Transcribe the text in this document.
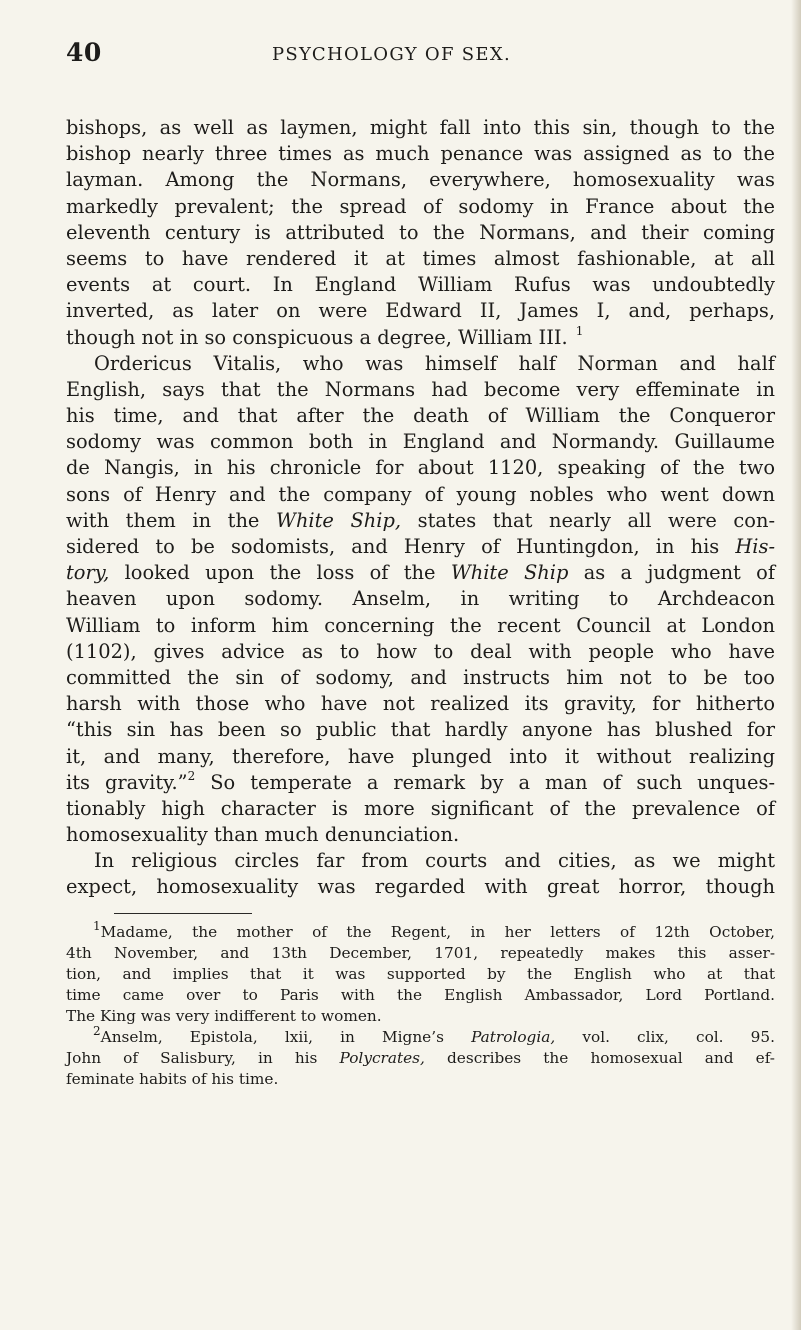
40	PSYCHOLOGY OF SEX.
bishops, as well as laymen, might fall into this sin, though to the
bishop nearly three times as much penance was assigned as to the
layman. Among the Normans, everywhere, homosexuality was
markedly prevalent; the spread of sodomy in France about the
eleventh century is attributed to the Normans, and their coming
seems to have rendered it at times almost fashionable, at all
events at court. In England William Rufus was undoubtedly
inverted, as later on were Edward II, James I, and, perhaps,
though not in so conspicuous a degree, William III. $^1$
Ordericus Vitalis, who was himself half Norman and half
English, says that the Normans had become very effeminate in
his time, and that after the death of William the Conqueror
sodomy was common both in England and Normandy. Guillaume
de Nangis, in his chronicle for about 1120, speaking of the two
sons of Henry and the company of young nobles who went down
with them in the White Ship, states that nearly all were con-
sidered to be sodomists, and Henry of Huntingdon, in his His-
tory, looked upon the loss of the White Ship as a judgment of
heaven upon sodomy. Anselm, in writing to Archdeacon
William to inform him concerning the recent Council at London
(1102), gives advice as to how to deal with people who have
committed the sin of sodomy, and instructs him not to be too
harsh with those who have not realized its gravity, for hitherto
“this sin has been so public that hardly anyone has blushed for
it, and many, therefore, have plunged into it without realizing
its gravity.”$^2$ So temperate a remark by a man of such unques-
tionably high character is more significant of the prevalence of
homosexuality than much denunciation.
In religious circles far from courts and cities, as we might
expect, homosexuality was regarded with great horror, though
$^1$Madame, the mother of the Regent, in her letters of 12th October,
4th November, and 13th December, 1701, repeatedly makes this asser-
tion, and implies that it was supported by the English who at that
time came over to Paris with the English Ambassador, Lord Portland.
The King was very indifferent to women.
$^2$Anselm, Epistola, lxii, in Migne’s Patrologia, vol. clix, col. 95.
John of Salisbury, in his Polycrates, describes the homosexual and ef-
feminate habits of his time.
